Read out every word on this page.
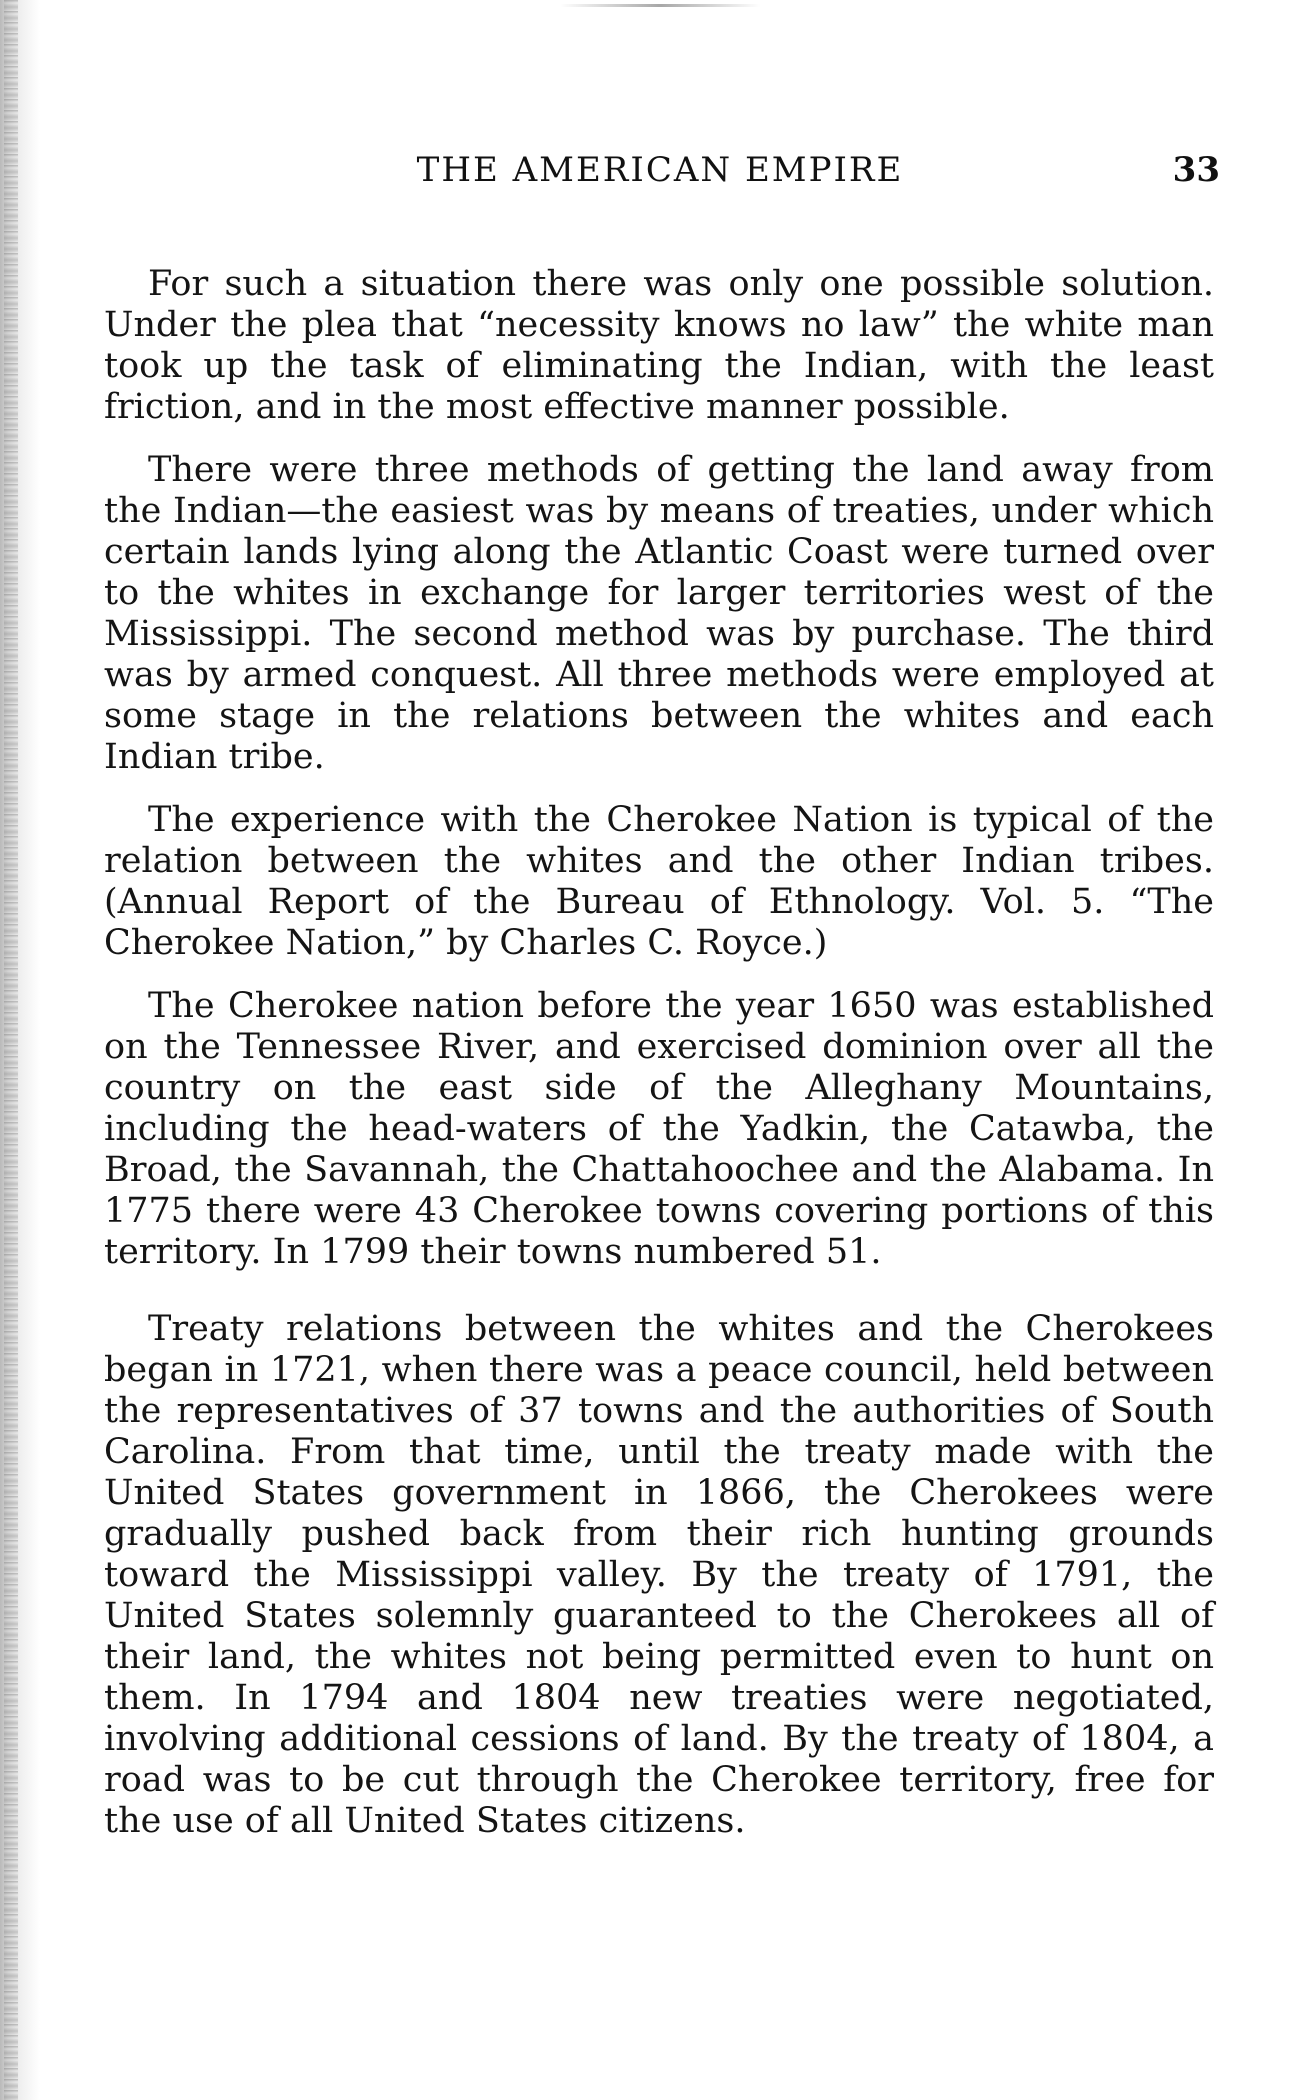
THE AMERICAN EMPIRE	33

For such a situation there was only one possible solution. Under the plea that “necessity knows no law” the white man took up the task of eliminating the Indian, with the least friction, and in the most effective manner possible.

There were three methods of getting the land away from the Indian—the easiest was by means of treaties, under which certain lands lying along the Atlantic Coast were turned over to the whites in exchange for larger territories west of the Mississippi. The second method was by purchase. The third was by armed conquest. All three methods were employed at some stage in the relations between the whites and each Indian tribe.

The experience with the Cherokee Nation is typical of the relation between the whites and the other Indian tribes. (Annual Report of the Bureau of Ethnology. Vol. 5. “The Cherokee Nation,” by Charles C. Royce.)

The Cherokee nation before the year 1650 was established on the Tennessee River, and exercised dominion over all the country on the east side of the Alleghany Mountains, including the head-waters of the Yadkin, the Catawba, the Broad, the Savannah, the Chattahoochee and the Alabama. In 1775 there were 43 Cherokee towns covering portions of this territory. In 1799 their towns numbered 51.

Treaty relations between the whites and the Cherokees began in 1721, when there was a peace council, held between the representatives of 37 towns and the authorities of South Carolina. From that time, until the treaty made with the United States government in 1866, the Cherokees were gradually pushed back from their rich hunting grounds toward the Mississippi valley. By the treaty of 1791, the United States solemnly guaranteed to the Cherokees all of their land, the whites not being permitted even to hunt on them. In 1794 and 1804 new treaties were negotiated, involving additional cessions of land. By the treaty of 1804, a road was to be cut through the Cherokee territory, free for the use of all United States citizens.
